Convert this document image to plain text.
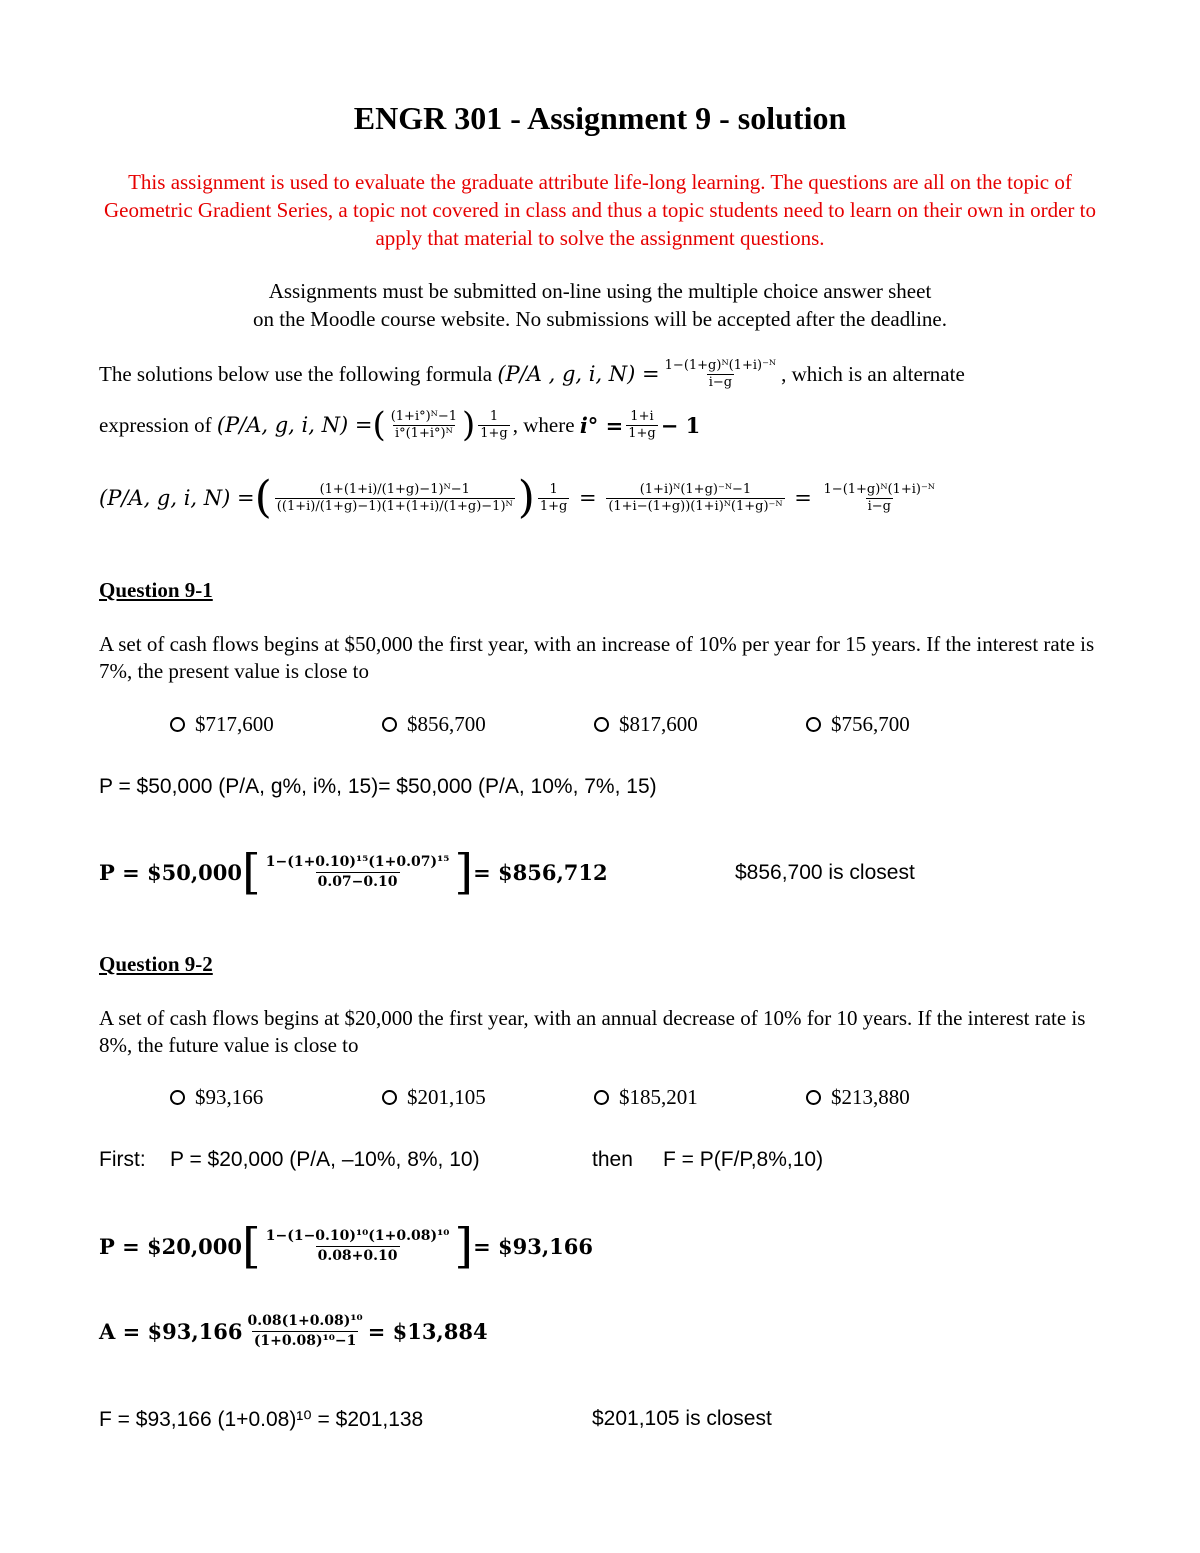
ENGR 301 - Assignment 9 - solution
This assignment is used to evaluate the graduate attribute life-long learning. The questions are all on the topic of Geometric Gradient Series, a topic not covered in class and thus a topic students need to learn on their own in order to apply that material to solve the assignment questions.
Assignments must be submitted on-line using the multiple choice answer sheet
on the Moodle course website. No submissions will be accepted after the deadline.
The solutions below use the following formula
(P/A , g, i, $N) = \frac{\text{1−(1+g)ᴺ(1+i)⁻ᴺ}}{i-g}$ , which is an alternate
expression of
(P/A, g, i, N) = ( $\frac{\text{(1+i°)ᴺ−1}}{\text{i°(1+i°)ᴺ}}$ ) $\frac{1}{1+g}$ , where
$i^\circ = \frac{1+i}{1+g} - 1$
(P/A, g, i, N) = ( $\frac{\text{(1+(1+i)/(1+g)−1)ᴺ−1}}{\text{((1+i)/(1+g)−1)(1+(1+i)/(1+g)−1)ᴺ}}$ ) $\frac{1}{1+g} = \frac{\text{(1+i)ᴺ(1+g)⁻ᴺ−1}}{\text{(1+i−(1+g))(1+i)ᴺ(1+g)⁻ᴺ}} = \frac{\text{1−(1+g)ᴺ(1+i)⁻ᴺ}}{i-g}$
Question 9-1
A set of cash flows begins at $50,000 the first year, with an increase of 10% per year for 15 years. If the interest rate is 7%, the present value is close to
$717,600	$856,700	$817,600	$756,700
P = $50,000 (P/A, g%, i%, 15)= $50,000 (P/A, 10%, 7%, 15)
P = $50,000 [ $\frac{\text{1−(1+0.10)¹⁵(1+0.07)¹⁵}}{0.07-0.10}$ ] = $856,712	$856,700 is closest
Question 9-2
A set of cash flows begins at $20,000 the first year, with an annual decrease of 10% for 10 years. If the interest rate is 8%, the future value is close to
$93,166	$201,105	$185,201	$213,880
First: P = $20,000 (P/A, –10%, 8%, 10)	then F = P(F/P,8%,10)
P = $20,000 [ $\frac{\text{1−(1−0.10)¹⁰(1+0.08)¹⁰}}{0.08+0.10}$ ] = $93,166
A = $93,166 $\frac{\text{0.08(1+0.08)¹⁰}}{\text{(1+0.08)¹⁰−1}}$ = $13,884
F = $93,166 (1+0.08)¹⁰ = $201,138	$201,105 is closest
